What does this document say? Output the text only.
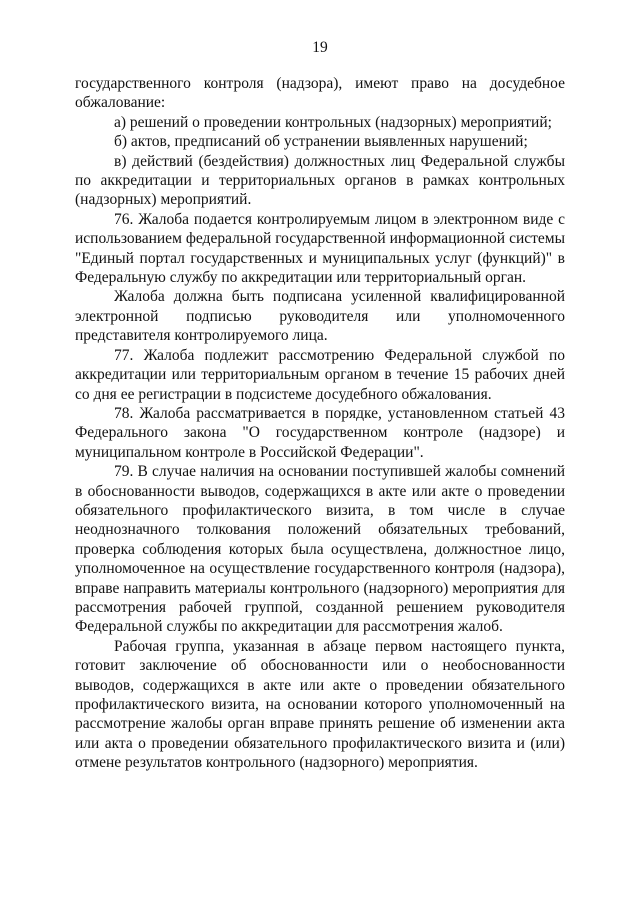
19

государственного контроля (надзора), имеют право на досудебное обжалование:

а) решений о проведении контрольных (надзорных) мероприятий;

б) актов, предписаний об устранении выявленных нарушений;

в) действий (бездействия) должностных лиц Федеральной службы по аккредитации и территориальных органов в рамках контрольных (надзорных) мероприятий.

76. Жалоба подается контролируемым лицом в электронном виде с использованием федеральной государственной информационной системы "Единый портал государственных и муниципальных услуг (функций)" в Федеральную службу по аккредитации или территориальный орган.

Жалоба должна быть подписана усиленной квалифицированной электронной подписью руководителя или уполномоченного представителя контролируемого лица.

77. Жалоба подлежит рассмотрению Федеральной службой по аккредитации или территориальным органом в течение 15 рабочих дней со дня ее регистрации в подсистеме досудебного обжалования.

78. Жалоба рассматривается в порядке, установленном статьей 43 Федерального закона "О государственном контроле (надзоре) и муниципальном контроле в Российской Федерации".

79. В случае наличия на основании поступившей жалобы сомнений в обоснованности выводов, содержащихся в акте или акте о проведении обязательного профилактического визита, в том числе в случае неоднозначного толкования положений обязательных требований, проверка соблюдения которых была осуществлена, должностное лицо, уполномоченное на осуществление государственного контроля (надзора), вправе направить материалы контрольного (надзорного) мероприятия для рассмотрения рабочей группой, созданной решением руководителя Федеральной службы по аккредитации для рассмотрения жалоб.

Рабочая группа, указанная в абзаце первом настоящего пункта, готовит заключение об обоснованности или о необоснованности выводов, содержащихся в акте или акте о проведении обязательного профилактического визита, на основании которого уполномоченный на рассмотрение жалобы орган вправе принять решение об изменении акта или акта о проведении обязательного профилактического визита и (или) отмене результатов контрольного (надзорного) мероприятия.
